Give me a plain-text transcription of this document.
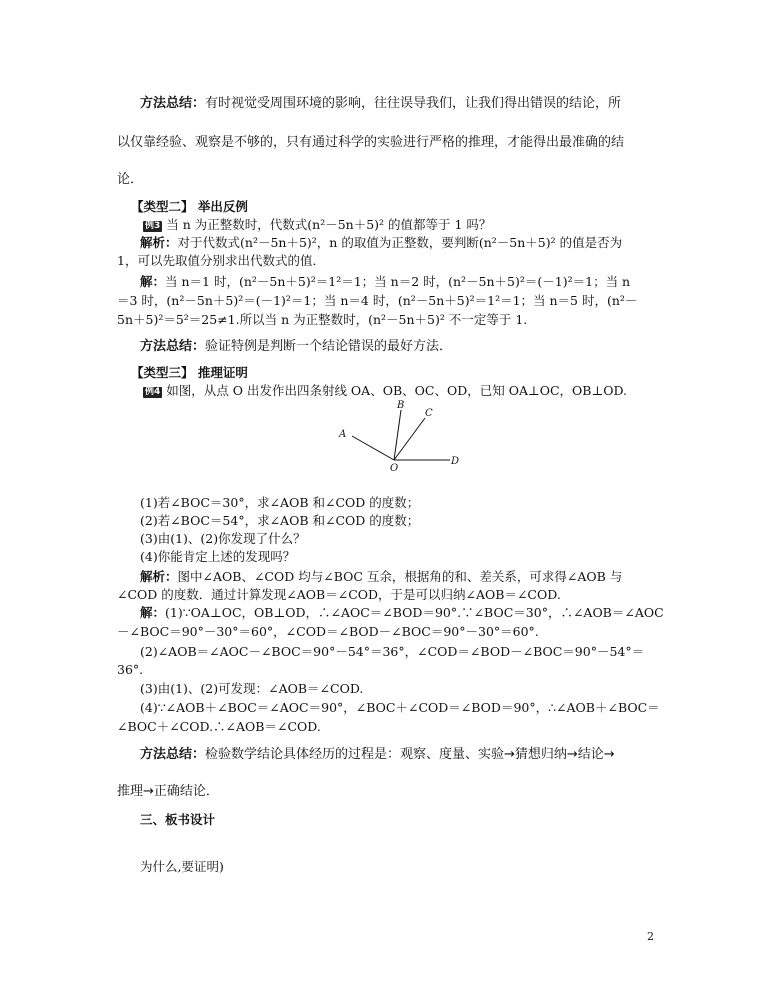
方法总结：有时视觉受周围环境的影响，往往误导我们，让我们得出错误的结论，所
以仅靠经验、观察是不够的，只有通过科学的实验进行严格的推理，才能得出最准确的结
论．
【类型二】 举出反例
例3 当 n 为正整数时，代数式(n²－5n＋5)² 的值都等于 1 吗？
解析：对于代数式(n²－5n＋5)²，n 的取值为正整数，要判断(n²－5n＋5)² 的值是否为
1，可以先取值分别求出代数式的值．
解：当 n＝1 时，(n²－5n＋5)²＝1²＝1；当 n＝2 时，(n²－5n＋5)²＝(－1)²＝1；当 n
＝3 时，(n²－5n＋5)²＝(－1)²＝1；当 n＝4 时，(n²－5n＋5)²＝1²＝1；当 n＝5 时，(n²－
5n＋5)²＝5²＝25≠1.所以当 n 为正整数时，(n²－5n＋5)² 不一定等于 1.
方法总结：验证特例是判断一个结论错误的最好方法．
【类型三】 推理证明
例4 如图，从点 O 出发作出四条射线 OA、OB、OC、OD，已知 OA⊥OC，OB⊥OD.
A
B
C
D
O
(1)若∠BOC＝30°，求∠AOB 和∠COD 的度数；
(2)若∠BOC＝54°，求∠AOB 和∠COD 的度数；
(3)由(1)、(2)你发现了什么？
(4)你能肯定上述的发现吗？
解析：图中∠AOB、∠COD 均与∠BOC 互余，根据角的和、差关系，可求得∠AOB 与
∠COD 的度数．通过计算发现∠AOB＝∠COD，于是可以归纳∠AOB＝∠COD.
解：(1)∵OA⊥OC，OB⊥OD，∴∠AOC＝∠BOD＝90°.∵∠BOC＝30°，∴∠AOB＝∠AOC
－∠BOC＝90°－30°＝60°，∠COD＝∠BOD－∠BOC＝90°－30°＝60°.
(2)∠AOB＝∠AOC－∠BOC＝90°－54°＝36°，∠COD＝∠BOD－∠BOC＝90°－54°＝
36°.
(3)由(1)、(2)可发现：∠AOB＝∠COD.
(4)∵∠AOB＋∠BOC＝∠AOC＝90°，∠BOC＋∠COD＝∠BOD＝90°，∴∠AOB＋∠BOC＝
∠BOC＋∠COD.∴∠AOB＝∠COD.
方法总结：检验数学结论具体经历的过程是：观察、度量、实验→猜想归纳→结论→
推理→正确结论．
三、板书设计
为什么,要证明)
2
